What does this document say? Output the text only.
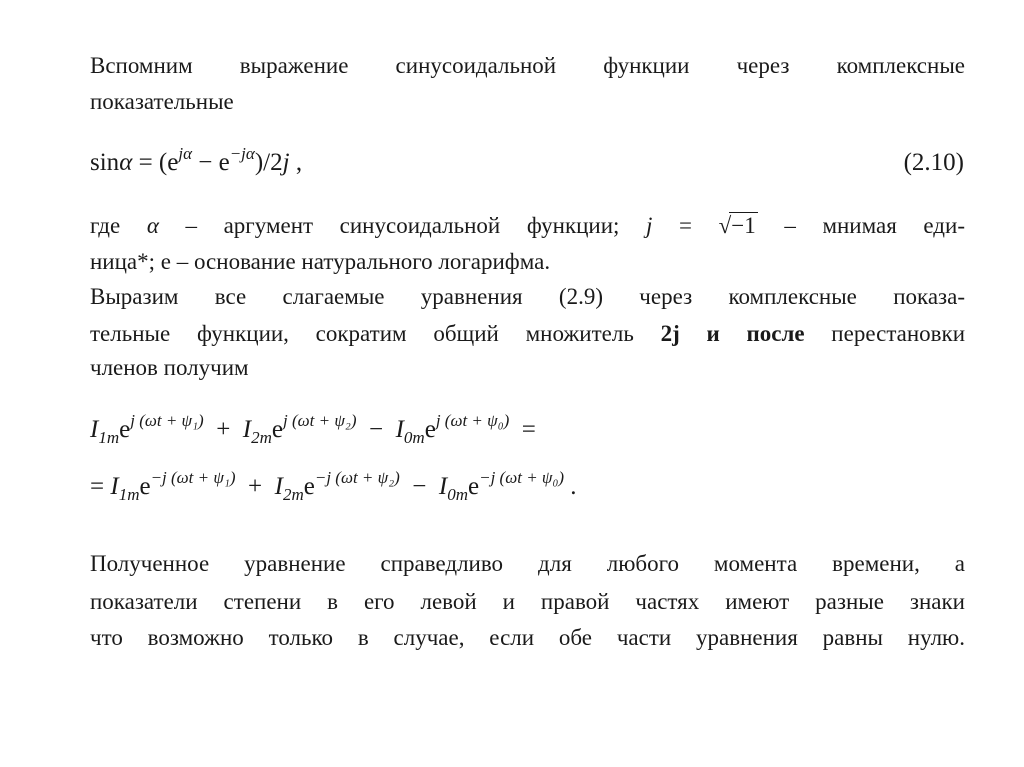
Вспомним выражение синусоидальной функции через комплексные
показательные
$\sin\alpha = (e^{j\alpha} - e^{-j\alpha})/2j$ ,	(2.10)
где α – аргумент синусоидальной функции; j = √−1 – мнимая еди-
ница*; е – основание натурального логарифма.
Выразим все слагаемые уравнения (2.9) через комплексные показа-
тельные функции, сократим общий множитель 2j и после перестановки
членов получим
$I_{1m}e^{j (\omega t + \psi_1)} + I_{2m}e^{j (\omega t + \psi_2)} - I_{0m}e^{j (\omega t + \psi_0)}$  =
= $I_{1m}e^{-j (\omega t + \psi_1)} + I_{2m}e^{-j (\omega t + \psi_2)} - I_{0m}e^{-j (\omega t + \psi_0)}$ .
Полученное уравнение справедливо для любого момента времени, а
показатели степени в его левой и правой частях имеют разные знаки
что возможно только в случае, если обе части уравнения равны нулю.
